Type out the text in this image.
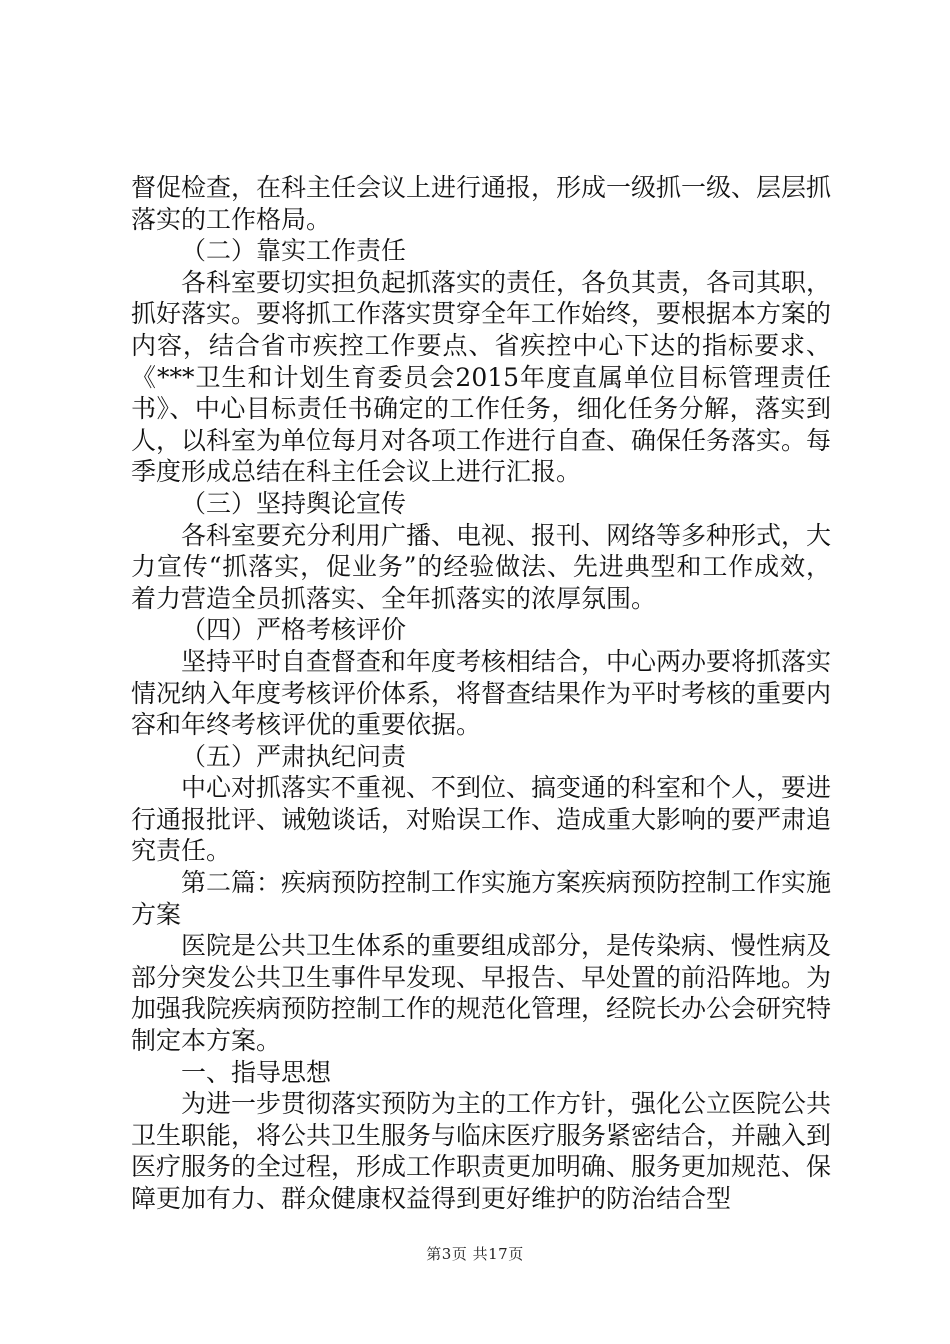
督促检查，在科主任会议上进行通报，形成一级抓一级、层层抓落实的工作格局。

（二）靠实工作责任

各科室要切实担负起抓落实的责任，各负其责，各司其职，抓好落实。要将抓工作落实贯穿全年工作始终，要根据本方案的内容，结合省市疾控工作要点、省疾控中心下达的指标要求、《***卫生和计划生育委员会2015年度直属单位目标管理责任书》、中心目标责任书确定的工作任务，细化任务分解，落实到人，以科室为单位每月对各项工作进行自查、确保任务落实。每季度形成总结在科主任会议上进行汇报。

（三）坚持舆论宣传

各科室要充分利用广播、电视、报刊、网络等多种形式，大力宣传“抓落实，促业务”的经验做法、先进典型和工作成效，着力营造全员抓落实、全年抓落实的浓厚氛围。

（四）严格考核评价

坚持平时自查督查和年度考核相结合，中心两办要将抓落实情况纳入年度考核评价体系，将督查结果作为平时考核的重要内容和年终考核评优的重要依据。

（五）严肃执纪问责

中心对抓落实不重视、不到位、搞变通的科室和个人，要进行通报批评、诫勉谈话，对贻误工作、造成重大影响的要严肃追究责任。

第二篇：疾病预防控制工作实施方案疾病预防控制工作实施方案

医院是公共卫生体系的重要组成部分，是传染病、慢性病及部分突发公共卫生事件早发现、早报告、早处置的前沿阵地。为加强我院疾病预防控制工作的规范化管理，经院长办公会研究特制定本方案。

一、指导思想

为进一步贯彻落实预防为主的工作方针，强化公立医院公共卫生职能，将公共卫生服务与临床医疗服务紧密结合，并融入到医疗服务的全过程，形成工作职责更加明确、服务更加规范、保障更加有力、群众健康权益得到更好维护的防治结合型

第3页 共17页
